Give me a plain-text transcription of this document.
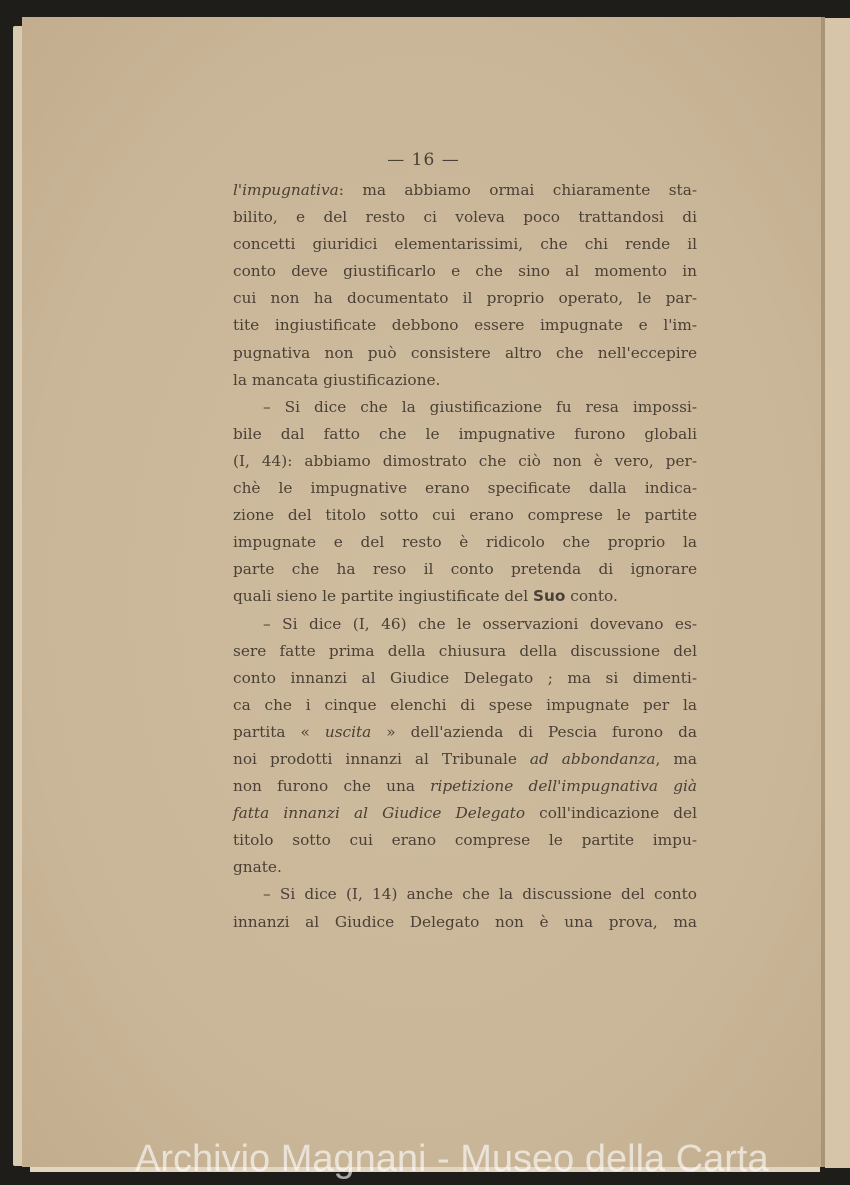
— 16 —
l'impugnativa: ma abbiamo ormai chiaramente sta-
bilito, e del resto ci voleva poco trattandosi di
concetti giuridici elementarissimi, che chi rende il
conto deve giustificarlo e che sino al momento in
cui non ha documentato il proprio operato, le par-
tite ingiustificate debbono essere impugnate e l'im-
pugnativa non può consistere altro che nell'eccepire
la mancata giustificazione.
– Si dice che la giustificazione fu resa impossi-
bile dal fatto che le impugnative furono globali
(I, 44): abbiamo dimostrato che ciò non è vero, per-
chè le impugnative erano specificate dalla indica-
zione del titolo sotto cui erano comprese le partite
impugnate e del resto è ridicolo che proprio la
parte che ha reso il conto pretenda di ignorare
quali sieno le partite ingiustificate del Suo conto.
– Si dice (I, 46) che le osservazioni dovevano es-
sere fatte prima della chiusura della discussione del
conto innanzi al Giudice Delegato ; ma si dimenti-
ca che i cinque elenchi di spese impugnate per la
partita « uscita » dell'azienda di Pescia furono da
noi prodotti innanzi al Tribunale ad abbondanza, ma
non furono che una ripetizione dell'impugnativa già
fatta innanzi al Giudice Delegato coll'indicazione del
titolo sotto cui erano comprese le partite impu-
gnate.
– Si dice (I, 14) anche che la discussione del conto
innanzi al Giudice Delegato non è una prova, ma
Archivio Magnani - Museo della Carta
